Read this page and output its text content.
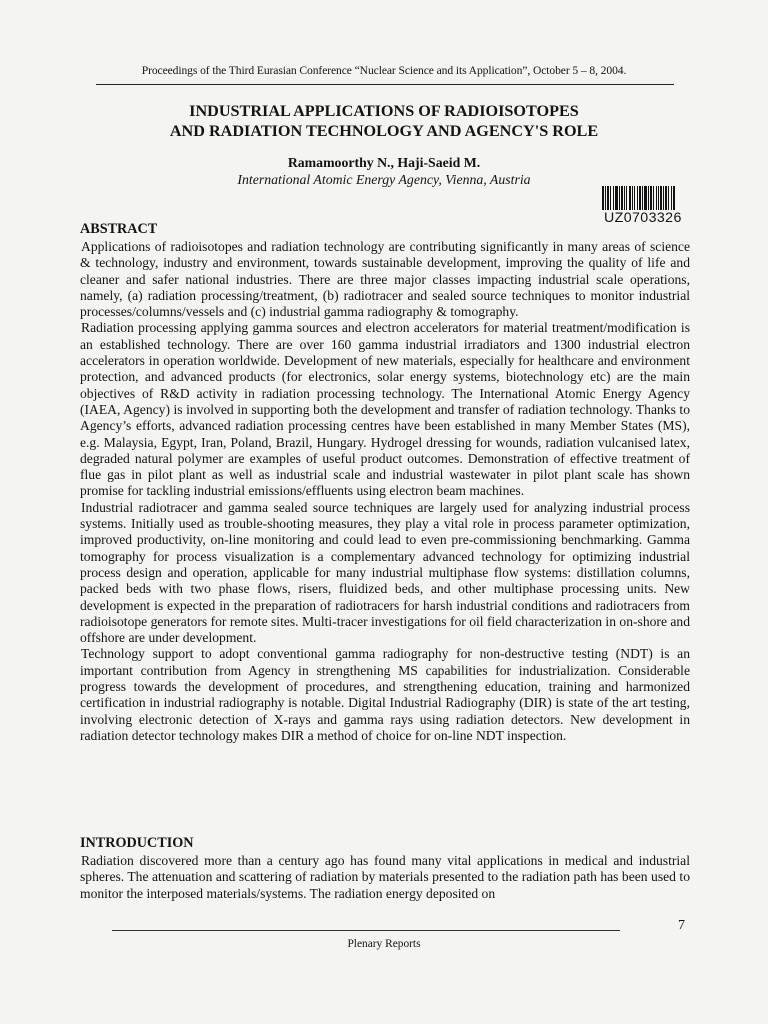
Proceedings of the Third Eurasian Conference “Nuclear Science and its Application”, October 5 – 8, 2004.
INDUSTRIAL APPLICATIONS OF RADIOISOTOPES
AND RADIATION TECHNOLOGY AND AGENCY'S ROLE
Ramamoorthy N., Haji-Saeid M.
International Atomic Energy Agency, Vienna, Austria
UZ0703326
ABSTRACT

Applications of radioisotopes and radiation technology are contributing significantly in many areas of science & technology, industry and environment, towards sustainable development, improving the quality of life and cleaner and safer national industries. There are three major classes impacting industrial scale operations, namely, (a) radiation processing/treatment, (b) radiotracer and sealed source techniques to monitor industrial processes/columns/vessels and (c) industrial gamma radiography & tomography.

Radiation processing applying gamma sources and electron accelerators for material treatment/modification is an established technology. There are over 160 gamma industrial irradiators and 1300 industrial electron accelerators in operation worldwide. Development of new materials, especially for healthcare and environment protection, and advanced products (for electronics, solar energy systems, biotechnology etc) are the main objectives of R&D activity in radiation processing technology. The International Atomic Energy Agency (IAEA, Agency) is involved in supporting both the development and transfer of radiation technology. Thanks to Agency’s efforts, advanced radiation processing centres have been established in many Member States (MS), e.g. Malaysia, Egypt, Iran, Poland, Brazil, Hungary. Hydrogel dressing for wounds, radiation vulcanised latex, degraded natural polymer are examples of useful product outcomes. Demonstration of effective treatment of flue gas in pilot plant as well as industrial scale and industrial wastewater in pilot plant scale has shown promise for tackling industrial emissions/effluents using electron beam machines.

Industrial radiotracer and gamma sealed source techniques are largely used for analyzing industrial process systems. Initially used as trouble-shooting measures, they play a vital role in process parameter optimization, improved productivity, on-line monitoring and could lead to even pre-commissioning benchmarking. Gamma tomography for process visualization is a complementary advanced technology for optimizing industrial process design and operation, applicable for many industrial multiphase flow systems: distillation columns, packed beds with two phase flows, risers, fluidized beds, and other multiphase processing units. New development is expected in the preparation of radiotracers for harsh industrial conditions and radiotracers from radioisotope generators for remote sites. Multi-tracer investigations for oil field characterization in on-shore and offshore are under development.

Technology support to adopt conventional gamma radiography for non-destructive testing (NDT) is an important contribution from Agency in strengthening MS capabilities for industrialization. Considerable progress towards the development of procedures, and strengthening education, training and harmonized certification in industrial radiography is notable. Digital Industrial Radiography (DIR) is state of the art testing, involving electronic detection of X-rays and gamma rays using radiation detectors. New development in radiation detector technology makes DIR a method of choice for on-line NDT inspection.

INTRODUCTION

Radiation discovered more than a century ago has found many vital applications in medical and industrial spheres. The attenuation and scattering of radiation by materials presented to the radiation path has been used to monitor the interposed materials/systems. The radiation energy deposited on

7
Plenary Reports
